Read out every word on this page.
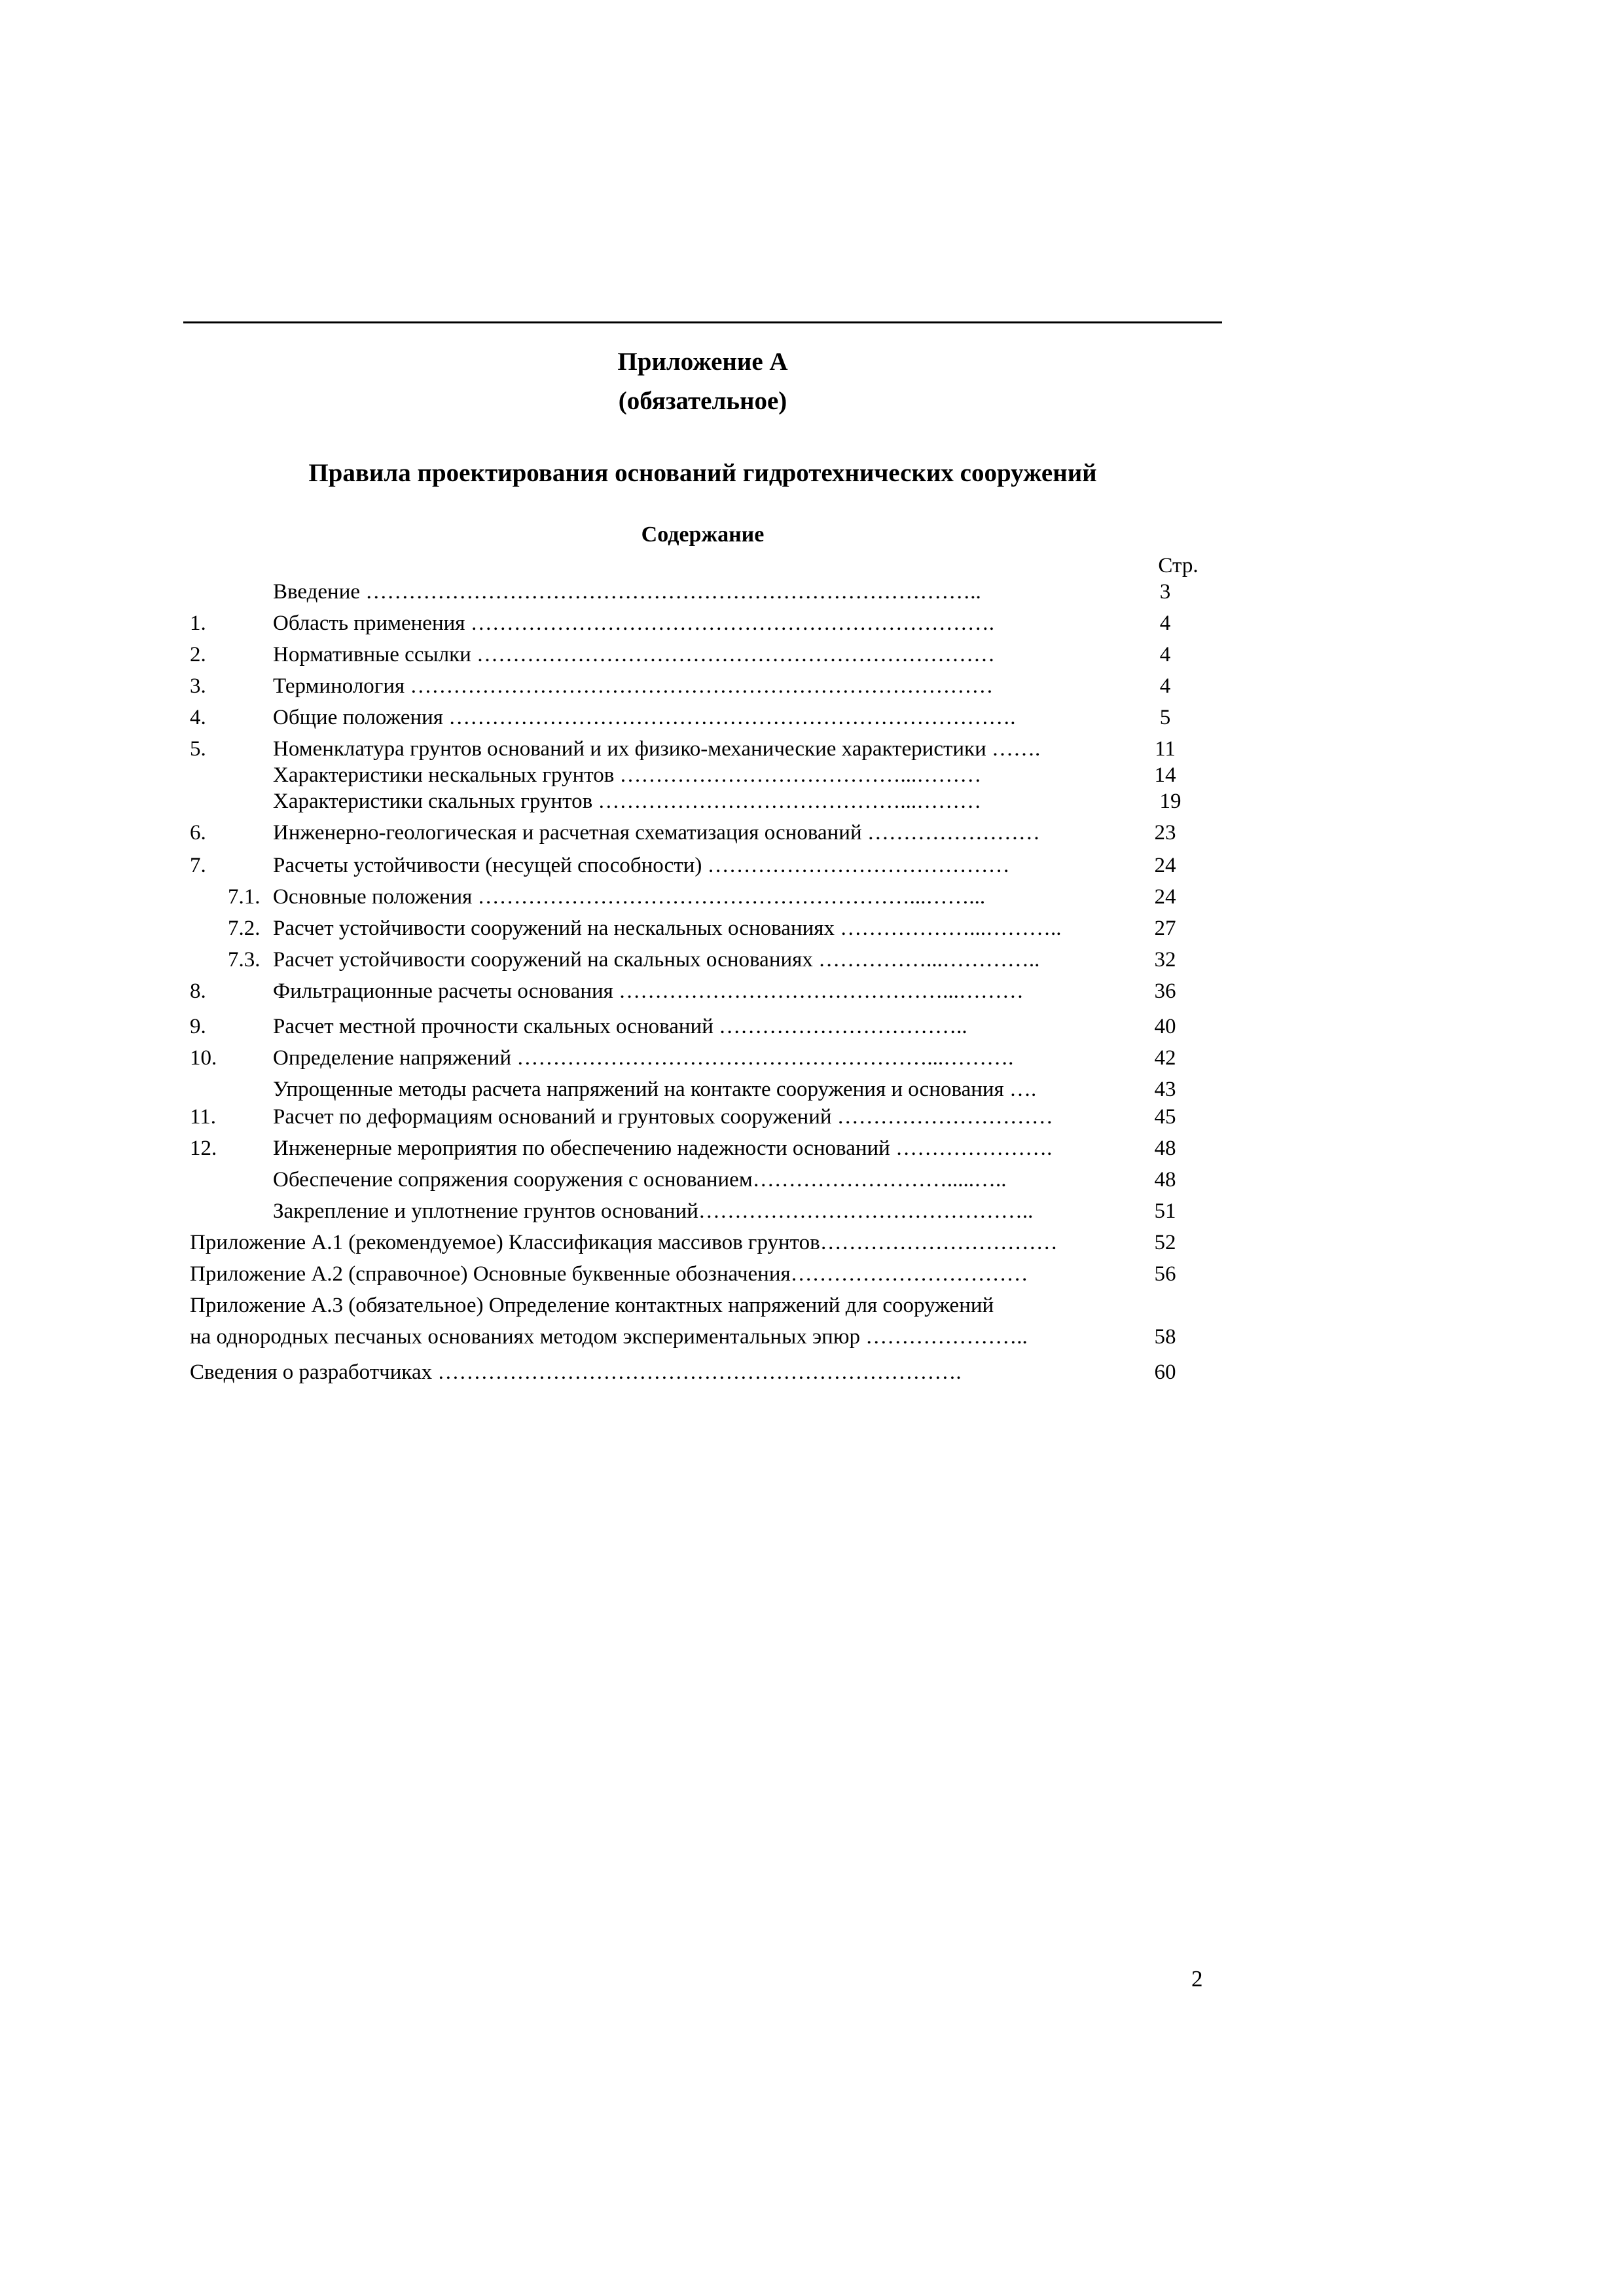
Приложение А
(обязательное)
Правила проектирования оснований гидротехнических сооружений
Содержание
Стр.
Введение …………………………………………………………………………..	3
1.	Область применения ……………………………………………………………….	4
2.	Нормативные ссылки ………………………………………………………………	4
3.	Терминология ………………………………………………………………………	4
4.	Общие положения …………………………………………………………………….	5
5.	Номенклатура грунтов оснований и их физико-механические характеристики …….	11
Характеристики нескальных грунтов …………………………………...………	14
Характеристики скальных грунтов ……………………………………...………	19
6.	Инженерно-геологическая и расчетная схематизация оснований ……………………	23
7.	Расчеты устойчивости (несущей способности) ……………………………………	24
7.1. Основные положения ……………………………………………………...……...	24
7.2. Расчет устойчивости сооружений на нескальных основаниях ………………...………..	27
7.3. Расчет устойчивости сооружений на скальных основаниях ……………...…………..	32
8.	Фильтрационные расчеты основания ………………………………………...………	36
9.	Расчет местной прочности скальных оснований ……………………………..	40
10.	Определение напряжений …………………………………………………...……….	42
Упрощенные методы расчета напряжений на контакте сооружения и основания ….	43
11.	Расчет по деформациям оснований и грунтовых сооружений …………………………	45
12.	Инженерные мероприятия по обеспечению надежности оснований ………………….	48
Обеспечение сопряжения сооружения с основанием……………………….....…..	48
Закрепление и уплотнение грунтов оснований………………………………………..	51
Приложение А.1 (рекомендуемое) Классификация массивов грунтов……………………………	52
Приложение А.2 (справочное) Основные буквенные обозначения……………………………	56
Приложение А.3 (обязательное) Определение контактных напряжений для сооружений
на однородных песчаных основаниях методом экспериментальных эпюр …………………..	58
Сведения о разработчиках ……………………………………………………………….	60
2
